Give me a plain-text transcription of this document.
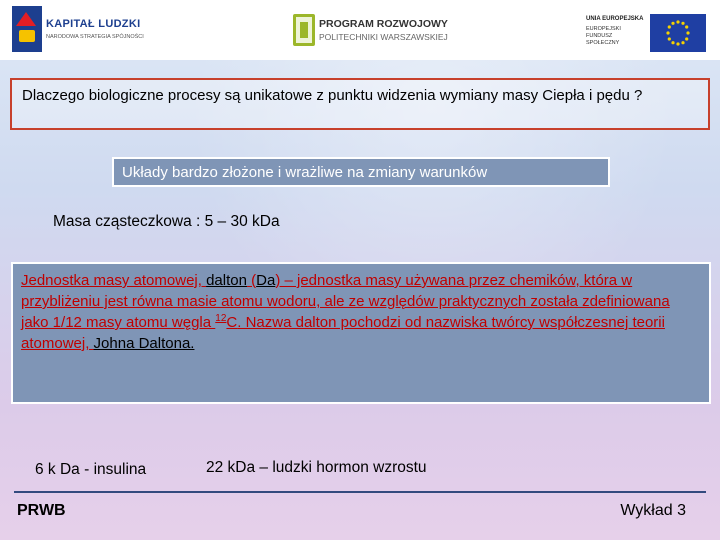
KAPITAŁ LUDZKI
NARODOWA STRATEGIA SPÓJNOŚCI
PROGRAM ROZWOJOWY
POLITECHNIKI WARSZAWSKIEJ
UNIA EUROPEJSKA
EUROPEJSKI FUNDUSZ SPOŁECZNY
Dlaczego biologiczne procesy są unikatowe z punktu widzenia wymiany masy Ciepła i pędu ?
Układy bardzo złożone i wrażliwe na zmiany warunków
Masa cząsteczkowa : 5 – 30 kDa
Jednostka masy atomowej, dalton (Da) – jednostka masy używana przez chemików, która w przybliżeniu jest równa masie atomu wodoru, ale ze względów praktycznych została zdefiniowana jako 1/12 masy atomu węgla $^{12}$C. Nazwa dalton pochodzi od nazwiska twórcy współczesnej teorii atomowej, Johna Daltona.
6 k Da - insulina	22 kDa – ludzki hormon wzrostu
PRWB	Wykład 3
